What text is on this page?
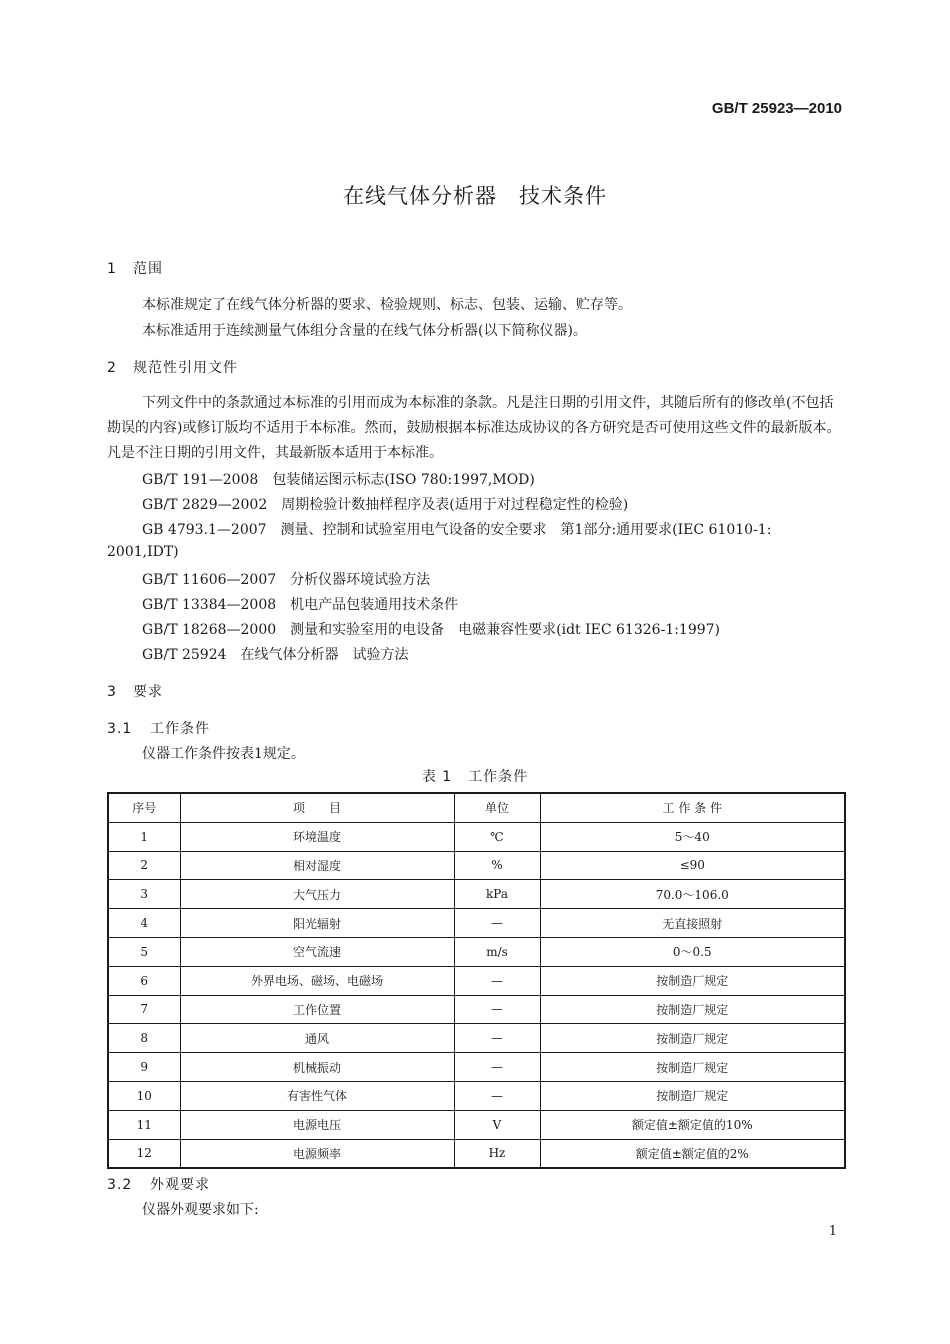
GB/T 25923—2010
在线气体分析器　技术条件
1 范围
本标准规定了在线气体分析器的要求、检验规则、标志、包装、运输、贮存等。
本标准适用于连续测量气体组分含量的在线气体分析器(以下简称仪器)。
2 规范性引用文件
下列文件中的条款通过本标准的引用而成为本标准的条款。凡是注日期的引用文件，其随后所有的修改单(不包括勘误的内容)或修订版均不适用于本标准。然而，鼓励根据本标准达成协议的各方研究是否可使用这些文件的最新版本。凡是不注日期的引用文件，其最新版本适用于本标准。
GB/T 191—2008　包装储运图示标志(ISO 780:1997,MOD)
GB/T 2829—2002　周期检验计数抽样程序及表(适用于对过程稳定性的检验)
GB 4793.1—2007　测量、控制和试验室用电气设备的安全要求　第1部分:通用要求(IEC 61010-1:
2001,IDT)
GB/T 11606—2007　分析仪器环境试验方法
GB/T 13384—2008　机电产品包装通用技术条件
GB/T 18268—2000　测量和实验室用的电设备　电磁兼容性要求(idt IEC 61326-1:1997)
GB/T 25924　在线气体分析器　试验方法
3 要求
3.1 工作条件
仪器工作条件按表1规定。
表 1 工作条件
序号	项　　目	单位	工 作 条 件
1	环境温度	℃	5～40
2	相对湿度	%	≤90
3	大气压力	kPa	70.0～106.0
4	阳光辐射	—	无直接照射
5	空气流速	m/s	0～0.5
6	外界电场、磁场、电磁场	—	按制造厂规定
7	工作位置	—	按制造厂规定
8	通风	—	按制造厂规定
9	机械振动	—	按制造厂规定
10	有害性气体	—	按制造厂规定
11	电源电压	V	额定值±额定值的10%
12	电源频率	Hz	额定值±额定值的2%
3.2 外观要求
仪器外观要求如下:
1
